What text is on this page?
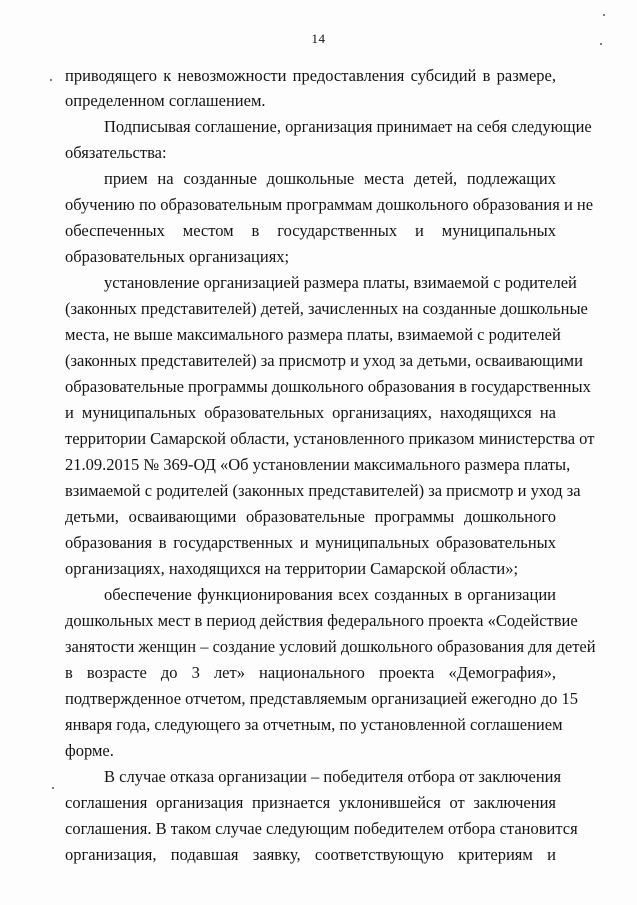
14
приводящего к невозможности предоставления субсидий в размере,
определенном соглашением.
Подписывая соглашение, организация принимает на себя следующие
обязательства:
прием на созданные дошкольные места детей, подлежащих
обучению по образовательным программам дошкольного образования и не
обеспеченных местом в государственных и муниципальных
образовательных организациях;
установление организацией размера платы, взимаемой с родителей
(законных представителей) детей, зачисленных на созданные дошкольные
места, не выше максимального размера платы, взимаемой с родителей
(законных представителей) за присмотр и уход за детьми, осваивающими
образовательные программы дошкольного образования в государственных
и муниципальных образовательных организациях, находящихся на
территории Самарской области, установленного приказом министерства от
21.09.2015 № 369-ОД «Об установлении максимального размера платы,
взимаемой с родителей (законных представителей) за присмотр и уход за
детьми, осваивающими образовательные программы дошкольного
образования в государственных и муниципальных образовательных
организациях, находящихся на территории Самарской области»;
обеспечение функционирования всех созданных в организации
дошкольных мест в период действия федерального проекта «Содействие
занятости женщин – создание условий дошкольного образования для детей
в возрасте до 3 лет» национального проекта «Демография»,
подтвержденное отчетом, представляемым организацией ежегодно до 15
января года, следующего за отчетным, по установленной соглашением
форме.
В случае отказа организации – победителя отбора от заключения
соглашения организация признается уклонившейся от заключения
соглашения. В таком случае следующим победителем отбора становится
организация, подавшая заявку, соответствующую критериям и
